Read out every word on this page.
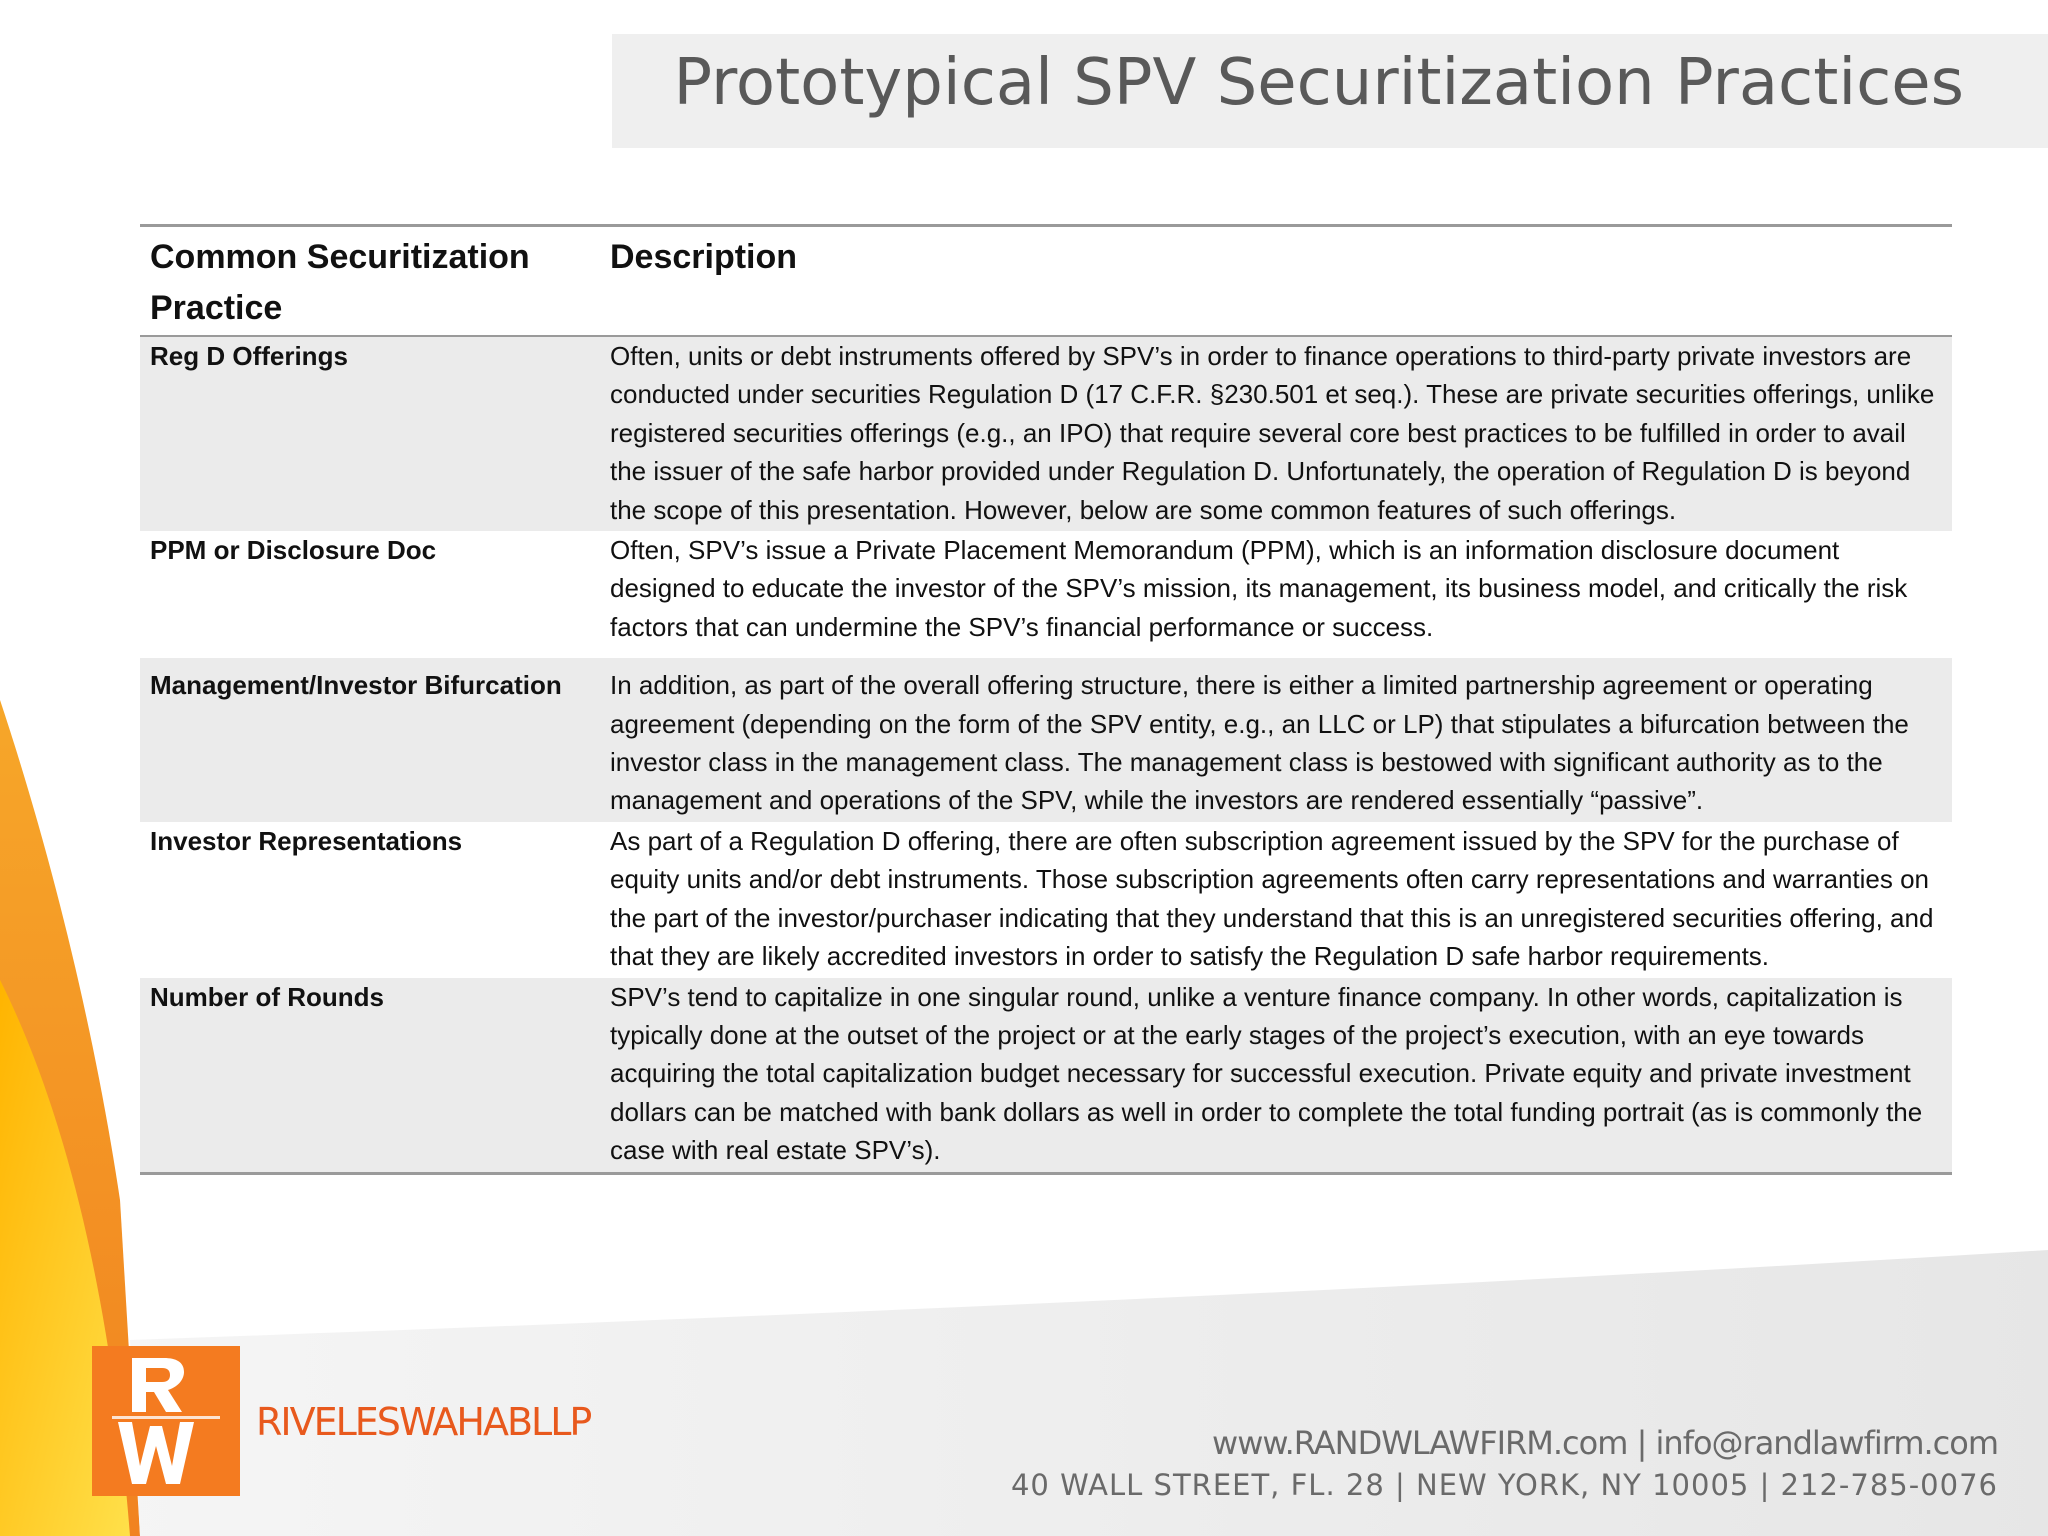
Prototypical SPV Securitization Practices
Common Securitization Practice	Description
Reg D Offerings	Often, units or debt instruments offered by SPV’s in order to finance operations to third-party private investors are conducted under securities Regulation D (17 C.F.R. §230.501 et seq.). These are private securities offerings, unlike registered securities offerings (e.g., an IPO) that require several core best practices to be fulfilled in order to avail the issuer of the safe harbor provided under Regulation D. Unfortunately, the operation of Regulation D is beyond the scope of this presentation. However, below are some common features of such offerings.
PPM or Disclosure Doc	Often, SPV’s issue a Private Placement Memorandum (PPM), which is an information disclosure document designed to educate the investor of the SPV’s mission, its management, its business model, and critically the risk factors that can undermine the SPV’s financial performance or success.
Management/Investor Bifurcation	In addition, as part of the overall offering structure, there is either a limited partnership agreement or operating agreement (depending on the form of the SPV entity, e.g., an LLC or LP) that stipulates a bifurcation between the investor class in the management class. The management class is bestowed with significant authority as to the management and operations of the SPV, while the investors are rendered essentially “passive”.
Investor Representations	As part of a Regulation D offering, there are often subscription agreement issued by the SPV for the purchase of equity units and/or debt instruments. Those subscription agreements often carry representations and warranties on the part of the investor/purchaser indicating that they understand that this is an unregistered securities offering, and that they are likely accredited investors in order to satisfy the Regulation D safe harbor requirements.
Number of Rounds	SPV’s tend to capitalize in one singular round, unlike a venture finance company. In other words, capitalization is typically done at the outset of the project or at the early stages of the project’s execution, with an eye towards acquiring the total capitalization budget necessary for successful execution. Private equity and private investment dollars can be matched with bank dollars as well in order to complete the total funding portrait (as is commonly the case with real estate SPV’s).
RIVELESWAHABLLP	www.RANDWLAWFIRM.com | info@randlawfirm.com
40 WALL STREET, FL. 28 | NEW YORK, NY 10005 | 212-785-0076
